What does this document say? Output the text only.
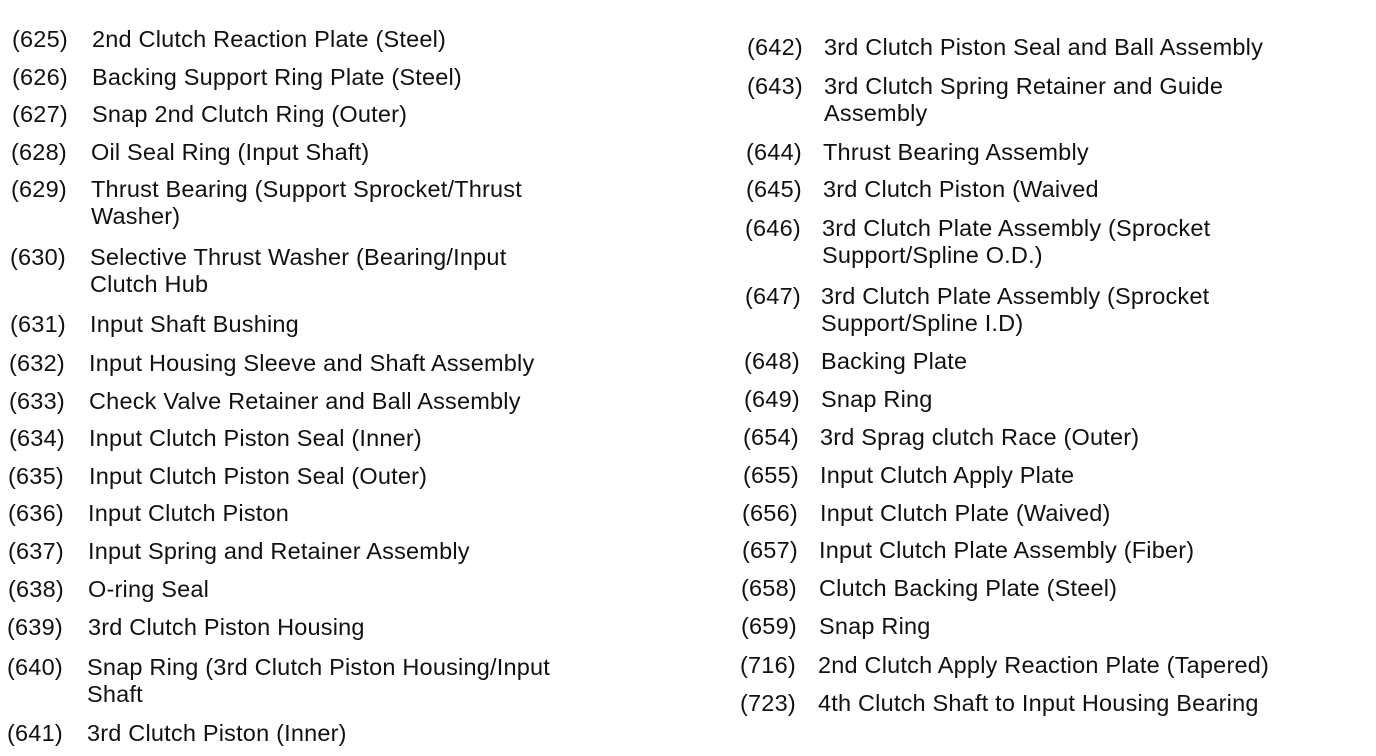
(625) 2nd Clutch Reaction Plate (Steel)
(626) Backing Support Ring Plate (Steel)
(627) Snap 2nd Clutch Ring (Outer)
(628) Oil Seal Ring (Input Shaft)
(629) Thrust Bearing (Support Sprocket/Thrust
Washer)
(630) Selective Thrust Washer (Bearing/Input
Clutch Hub
(631) Input Shaft Bushing
(632) Input Housing Sleeve and Shaft Assembly
(633) Check Valve Retainer and Ball Assembly
(634) Input Clutch Piston Seal (Inner)
(635) Input Clutch Piston Seal (Outer)
(636) Input Clutch Piston
(637) Input Spring and Retainer Assembly
(638) O-ring Seal
(639) 3rd Clutch Piston Housing
(640) Snap Ring (3rd Clutch Piston Housing/Input
Shaft
(641) 3rd Clutch Piston (Inner)
(642) 3rd Clutch Piston Seal and Ball Assembly
(643) 3rd Clutch Spring Retainer and Guide
Assembly
(644) Thrust Bearing Assembly
(645) 3rd Clutch Piston (Waived
(646) 3rd Clutch Plate Assembly (Sprocket
Support/Spline O.D.)
(647) 3rd Clutch Plate Assembly (Sprocket
Support/Spline I.D)
(648) Backing Plate
(649) Snap Ring
(654) 3rd Sprag clutch Race (Outer)
(655) Input Clutch Apply Plate
(656) Input Clutch Plate (Waived)
(657) Input Clutch Plate Assembly (Fiber)
(658) Clutch Backing Plate (Steel)
(659) Snap Ring
(716) 2nd Clutch Apply Reaction Plate (Tapered)
(723) 4th Clutch Shaft to Input Housing Bearing
